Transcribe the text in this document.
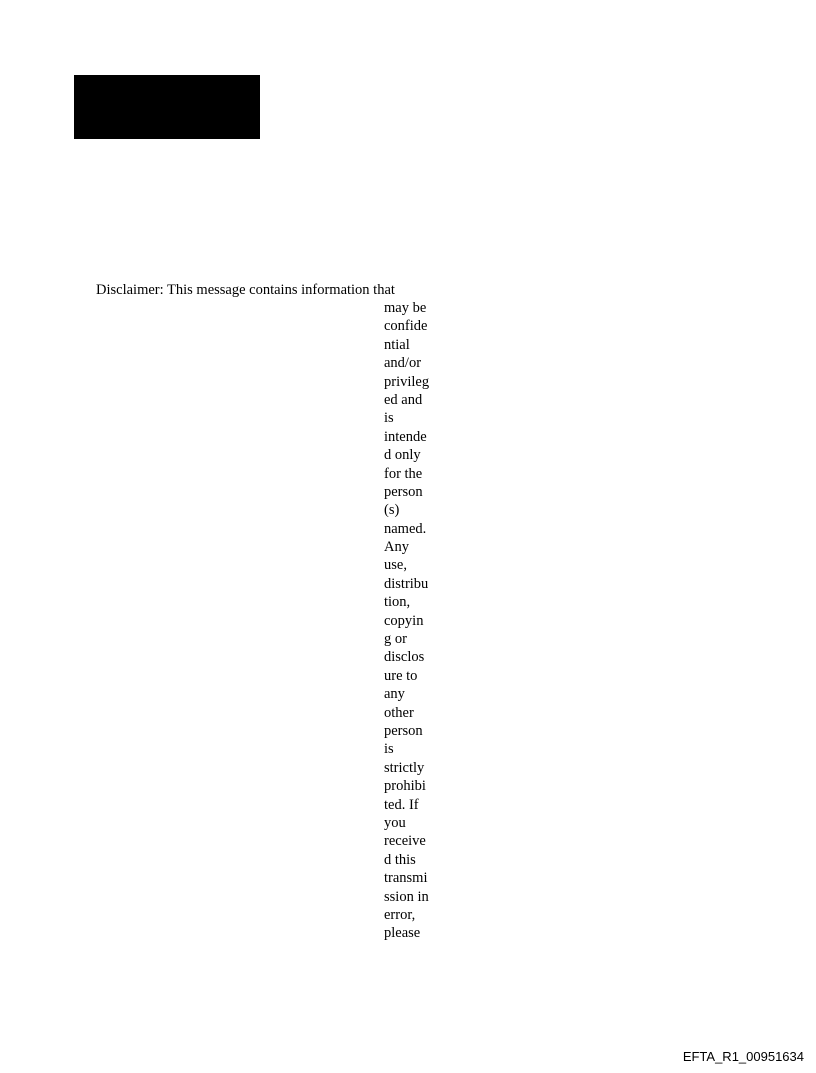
Disclaimer: This message contains information that
may be
confide
ntial
and/or
privileg
ed and
is
intende
d only
for the
person
(s)
named.
Any
use,
distribu
tion,
copyin
g or
disclos
ure to
any
other
person
is
strictly
prohibi
ted. If
you
receive
d this
transmi
ssion in
error,
please
EFTA_R1_00951634
